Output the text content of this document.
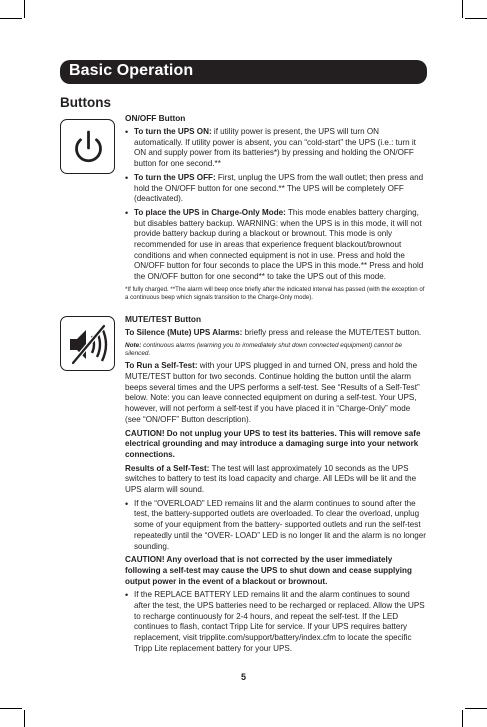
Basic Operation
Buttons
ON/OFF Button
• To turn the UPS ON: if utility power is present, the UPS will turn ON automatically. If utility power is absent, you can “cold-start” the UPS (i.e.: turn it ON and supply power from its batteries*) by pressing and holding the ON/OFF button for one second.**
• To turn the UPS OFF: First, unplug the UPS from the wall outlet; then press and hold the ON/OFF button for one second.** The UPS will be completely OFF (deactivated).
• To place the UPS in Charge-Only Mode: This mode enables battery charging, but disables battery backup. WARNING: when the UPS is in this mode, it will not provide battery backup during a blackout or brownout. This mode is only recommended for use in areas that experience frequent blackout/brownout conditions and when connected equipment is not in use. Press and hold the ON/OFF button for four seconds to place the UPS in this mode.** Press and hold the ON/OFF button for one second** to take the UPS out of this mode.
*If fully charged. **The alarm will beep once briefly after the indicated interval has passed (with the exception of a continuous beep which signals transition to the Charge-Only mode).
MUTE/TEST Button

To Silence (Mute) UPS Alarms: briefly press and release the MUTE/TEST button.

Note: continuous alarms (warning you to immediately shut down connected equipment) cannot be silenced.

To Run a Self-Test: with your UPS plugged in and turned ON, press and hold the MUTE/TEST button for two seconds. Continue holding the button until the alarm beeps several times and the UPS performs a self-test. See “Results of a Self-Test” below. Note: you can leave connected equipment on during a self-test. Your UPS, however, will not perform a self-test if you have placed it in “Charge-Only” mode (see “ON/OFF” Button description).

CAUTION! Do not unplug your UPS to test its batteries. This will remove safe electrical grounding and may introduce a damaging surge into your network connections.

Results of a Self-Test: The test will last approximately 10 seconds as the UPS switches to battery to test its load capacity and charge. All LEDs will be lit and the UPS alarm will sound.

• If the “OVERLOAD” LED remains lit and the alarm continues to sound after the test, the battery-supported outlets are overloaded. To clear the overload, unplug some of your equipment from the battery- supported outlets and run the self-test repeatedly until the “OVER- LOAD” LED is no longer lit and the alarm is no longer sounding.

CAUTION! Any overload that is not corrected by the user immediately following a self-test may cause the UPS to shut down and cease supplying output power in the event of a blackout or brownout.

• If the REPLACE BATTERY LED remains lit and the alarm continues to sound after the test, the UPS batteries need to be recharged or replaced. Allow the UPS to recharge continuously for 2-4 hours, and repeat the self-test. If the LED continues to flash, contact Tripp Lite for service. If your UPS requires battery replacement, visit tripplite.com/support/battery/index.cfm to locate the specific Tripp Lite replacement battery for your UPS.
5
